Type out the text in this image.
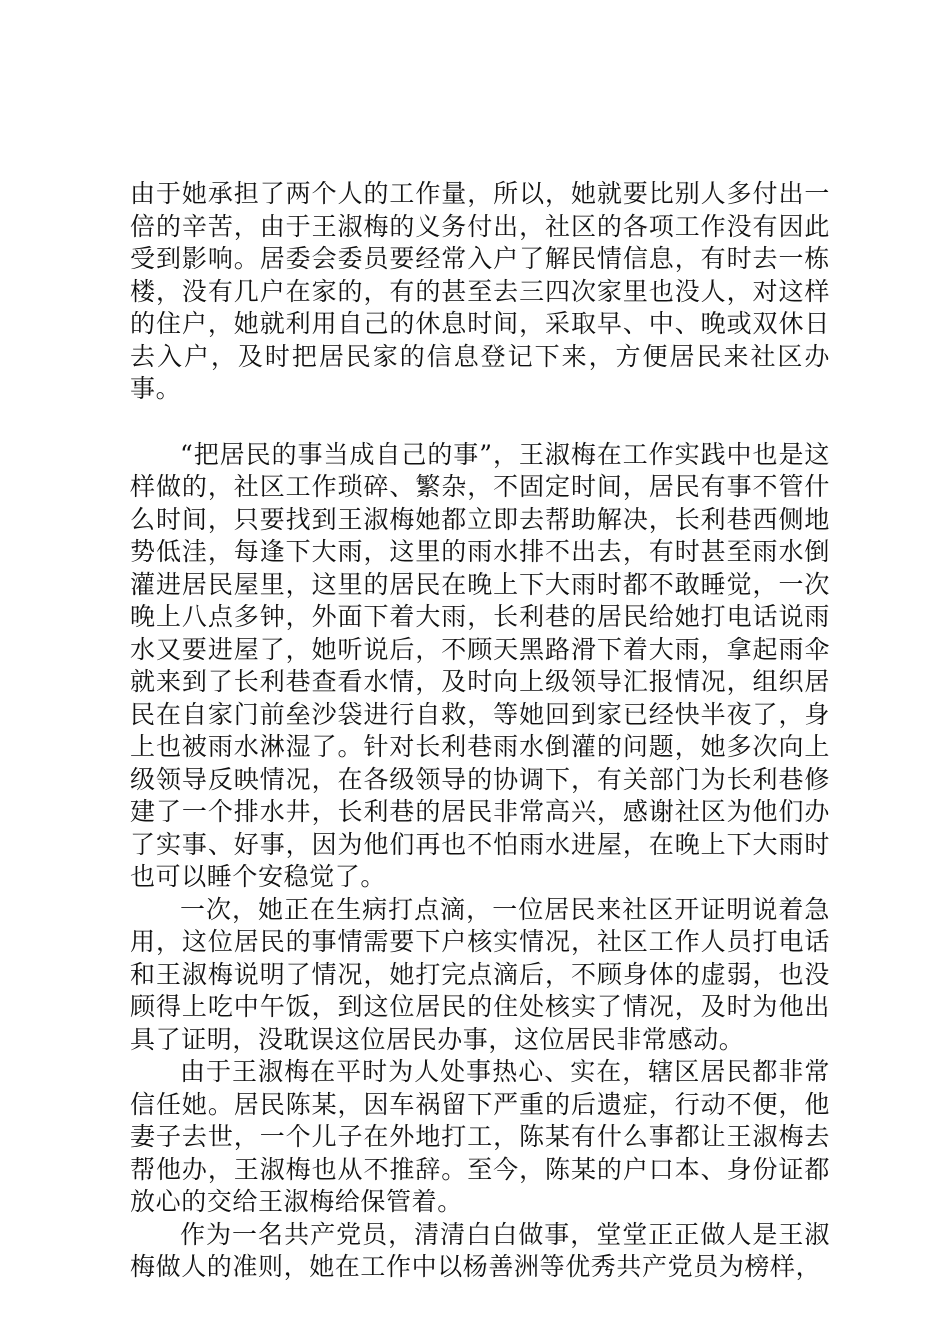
由于她承担了两个人的工作量，所以，她就要比别人多付出一倍的辛苦，由于王淑梅的义务付出，社区的各项工作没有因此受到影响。居委会委员要经常入户了解民情信息，有时去一栋楼，没有几户在家的，有的甚至去三四次家里也没人，对这样的住户，她就利用自己的休息时间，采取早、中、晚或双休日去入户，及时把居民家的信息登记下来，方便居民来社区办事。

“把居民的事当成自己的事”，王淑梅在工作实践中也是这样做的，社区工作琐碎、繁杂，不固定时间，居民有事不管什么时间，只要找到王淑梅她都立即去帮助解决，长利巷西侧地势低洼，每逢下大雨，这里的雨水排不出去，有时甚至雨水倒灌进居民屋里，这里的居民在晚上下大雨时都不敢睡觉，一次晚上八点多钟，外面下着大雨，长利巷的居民给她打电话说雨水又要进屋了，她听说后，不顾天黑路滑下着大雨，拿起雨伞就来到了长利巷查看水情，及时向上级领导汇报情况，组织居民在自家门前垒沙袋进行自救，等她回到家已经快半夜了，身上也被雨水淋湿了。针对长利巷雨水倒灌的问题，她多次向上级领导反映情况，在各级领导的协调下，有关部门为长利巷修建了一个排水井，长利巷的居民非常高兴，感谢社区为他们办了实事、好事，因为他们再也不怕雨水进屋，在晚上下大雨时也可以睡个安稳觉了。

一次，她正在生病打点滴，一位居民来社区开证明说着急用，这位居民的事情需要下户核实情况，社区工作人员打电话和王淑梅说明了情况，她打完点滴后，不顾身体的虚弱，也没顾得上吃中午饭，到这位居民的住处核实了情况，及时为他出具了证明，没耽误这位居民办事，这位居民非常感动。

由于王淑梅在平时为人处事热心、实在，辖区居民都非常信任她。居民陈某，因车祸留下严重的后遗症，行动不便，他妻子去世，一个儿子在外地打工，陈某有什么事都让王淑梅去帮他办，王淑梅也从不推辞。至今，陈某的户口本、身份证都放心的交给王淑梅给保管着。

作为一名共产党员，清清白白做事，堂堂正正做人是王淑梅做人的准则，她在工作中以杨善洲等优秀共产党员为榜样，
